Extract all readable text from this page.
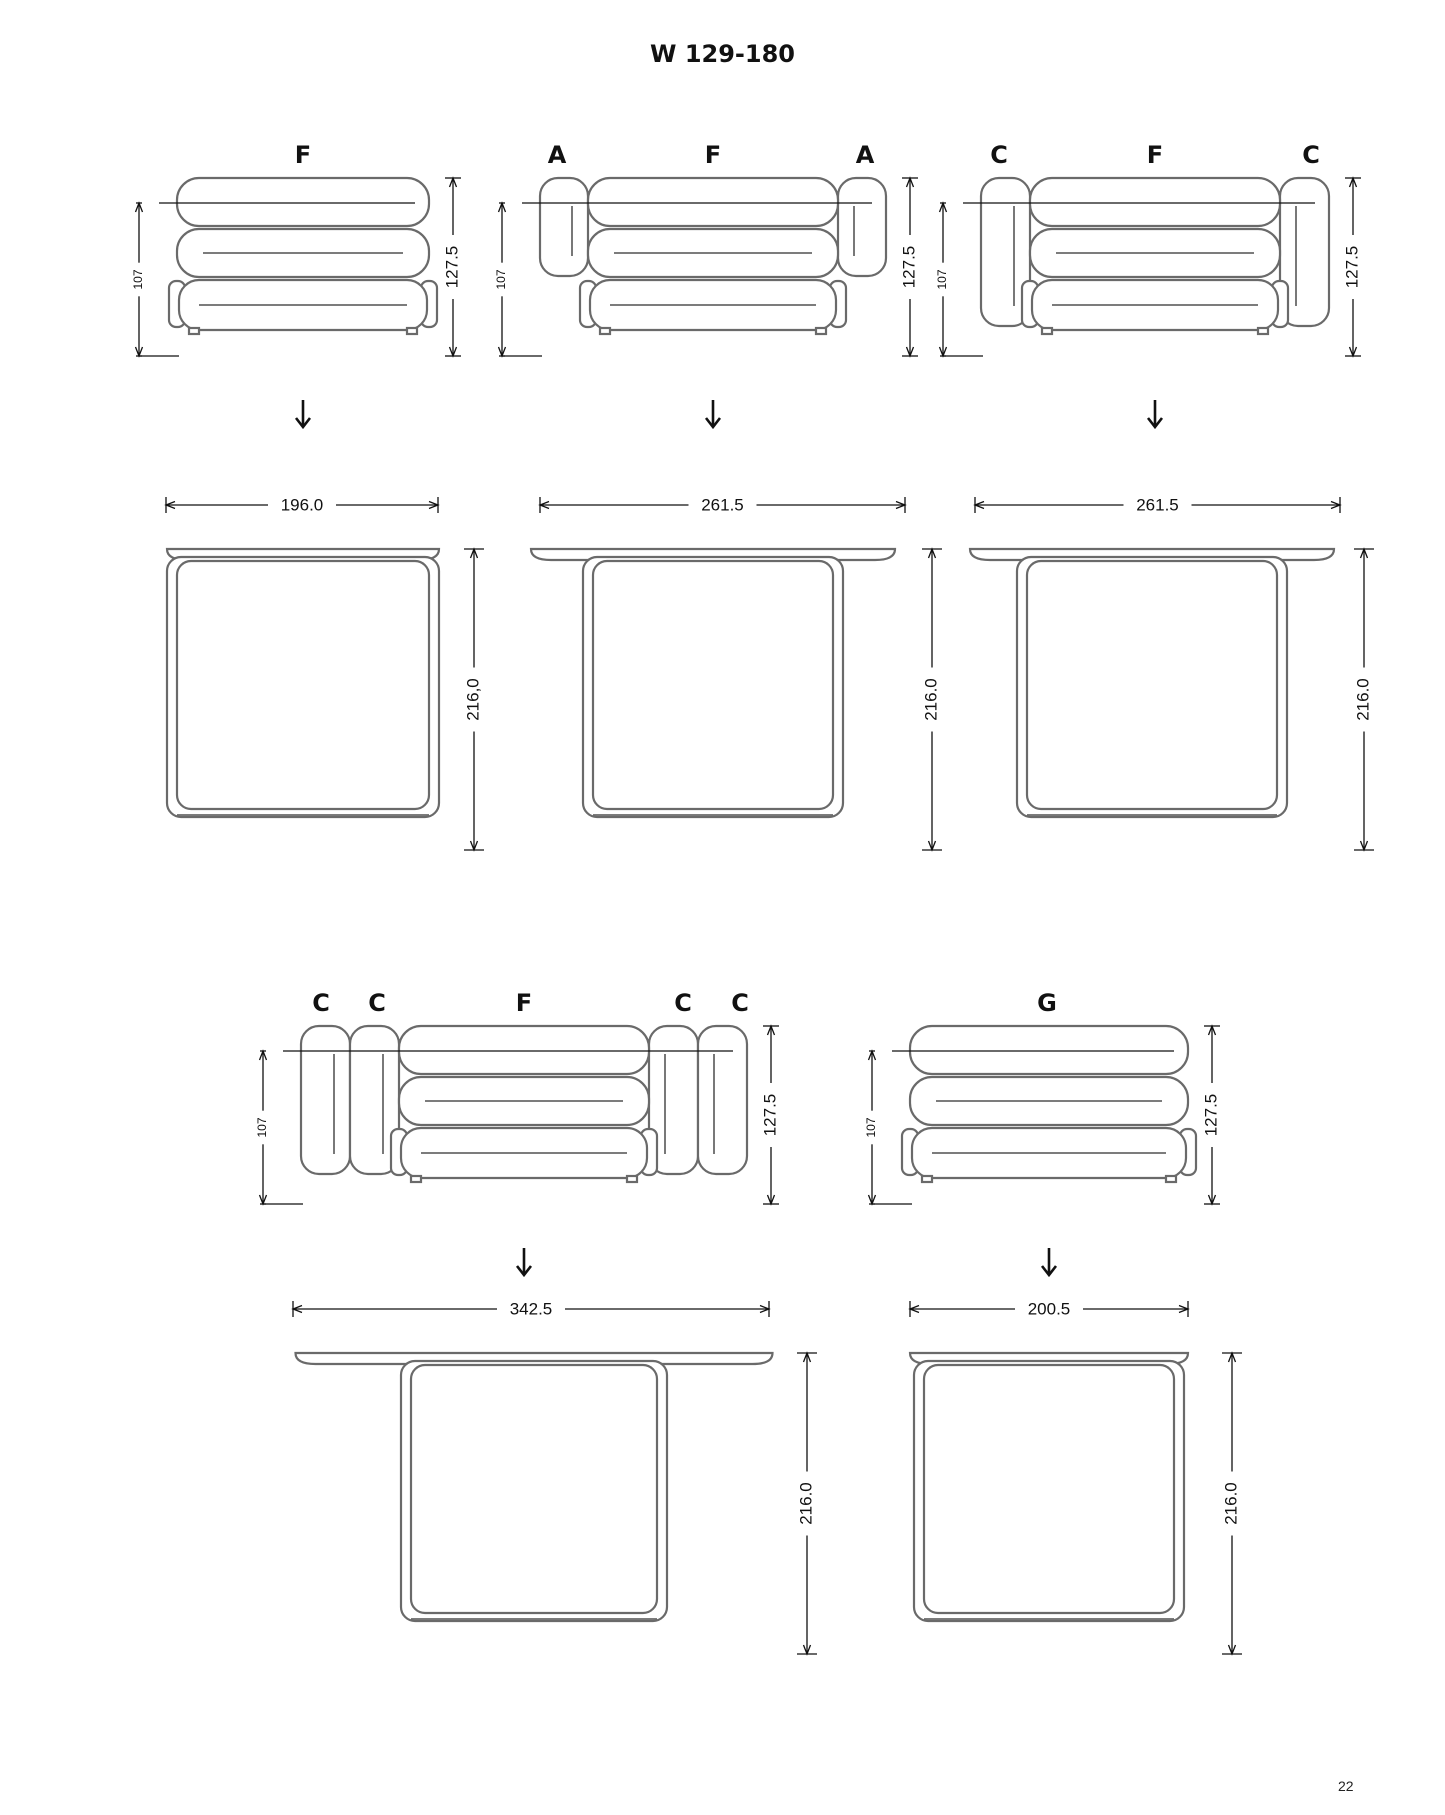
W 129-180
F
107	127.5
196.0
216,0
A	F	A
107	127.5
261.5
216.0
C	F	C
107	127.5
261.5
216.0
C C	F	C C
107	127.5
342.5
216.0
G
107	127.5
200.5
216.0
22
